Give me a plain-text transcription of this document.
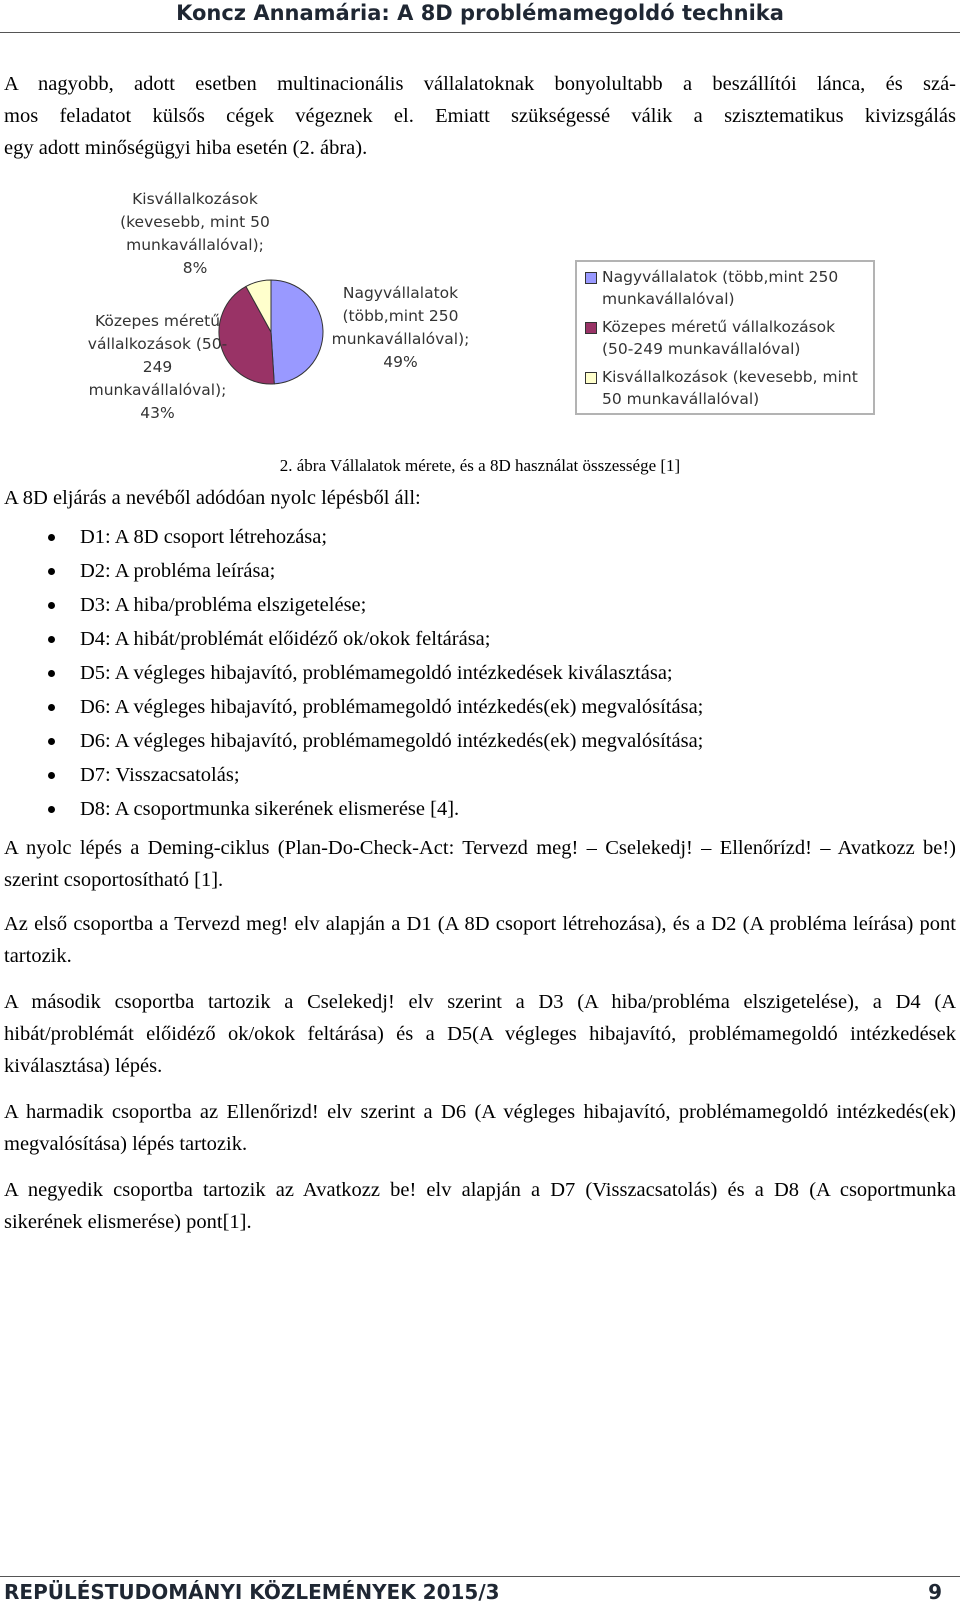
Koncz Annamária: A 8D problémamegoldó technika
A nagyobb, adott esetben multinacionális vállalatoknak bonyolultabb a beszállítói lánca, és szá-
mos feladatot külsős cégek végeznek el. Emiatt szükségessé válik a szisztematikus kivizsgálás
egy adott minőségügyi hiba esetén (2. ábra).
Kisvállalkozások
(kevesebb, mint 50
munkavállalóval);
8%
Nagyvállalatok
(több,mint 250
munkavállalóval);
49%
Közepes méretű
vállalkozások (50-
249
munkavállalóval);
43%
Nagyvállalatok (több,mint 250
munkavállalóval)
Közepes méretű vállalkozások
(50-249 munkavállalóval)
Kisvállalkozások (kevesebb, mint
50 munkavállalóval)
2. ábra Vállalatok mérete, és a 8D használat összessége [1]
A 8D eljárás a nevéből adódóan nyolc lépésből áll:
D1: A 8D csoport létrehozása;
D2: A probléma leírása;
D3: A hiba/probléma elszigetelése;
D4: A hibát/problémát előidéző ok/okok feltárása;
D5: A végleges hibajavító, problémamegoldó intézkedések kiválasztása;
D6: A végleges hibajavító, problémamegoldó intézkedés(ek) megvalósítása;
D6: A végleges hibajavító, problémamegoldó intézkedés(ek) megvalósítása;
D7: Visszacsatolás;
D8: A csoportmunka sikerének elismerése [4].

A nyolc lépés a Deming-ciklus (Plan-Do-Check-Act: Tervezd meg! – Cselekedj! – Ellenőrízd! – Avatkozz be!) szerint csoportosítható [1].

Az első csoportba a Tervezd meg! elv alapján a D1 (A 8D csoport létrehozása), és a D2 (A probléma leírása) pont tartozik.

A második csoportba tartozik a Cselekedj! elv szerint a D3 (A hiba/probléma elszigetelése), a D4 (A hibát/problémát előidéző ok/okok feltárása) és a D5(A végleges hibajavító, problémamegoldó intézkedések kiválasztása) lépés.

A harmadik csoportba az Ellenőrizd! elv szerint a D6 (A végleges hibajavító, problémamegoldó intézkedés(ek) megvalósítása) lépés tartozik.

A negyedik csoportba tartozik az Avatkozz be! elv alapján a D7 (Visszacsatolás) és a D8 (A csoportmunka sikerének elismerése) pont[1].

REPÜLÉSTUDOMÁNYI KÖZLEMÉNYEK 2015/3	9
